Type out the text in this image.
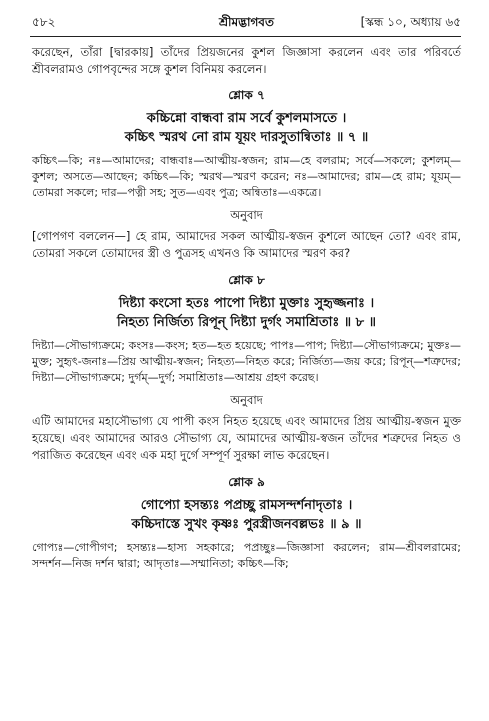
৫৮২	শ্রীমদ্ভাগবত	[স্কন্ধ ১০, অধ্যায় ৬৫

করেছেন, তাঁরা [দ্বারকায়] তাঁদের প্রিয়জনের কুশল জিজ্ঞাসা করলেন এবং তার পরিবর্তে শ্রীবলরামও গোপবৃন্দের সঙ্গে কুশল বিনিময় করলেন।

শ্লোক ৭

কচ্চিন্নো বান্ধবা রাম সর্বে কুশলমাসতে ।

কচ্চিৎ স্মরথ নো রাম যূয়ং দারসুতান্বিতাঃ ॥ ৭ ॥

কচ্চিৎ—কি; নঃ—আমাদের; বান্ধবাঃ—আত্মীয়-স্বজন; রাম—হে বলরাম; সর্বে—সকলে; কুশলম্—কুশল; অসতে—আছেন; কচ্চিৎ—কি; স্মরথ—স্মরণ করেন; নঃ—আমাদের; রাম—হে রাম; যূয়ম্—তোমরা সকলে; দার—পত্নী সহ; সুত—এবং পুত্র; অন্বিতাঃ—একত্রে।

অনুবাদ

[গোপগণ বললেন—] হে রাম, আমাদের সকল আত্মীয়-স্বজন কুশলে আছেন তো? এবং রাম, তোমরা সকলে তোমাদের স্ত্রী ও পুত্রসহ এখনও কি আমাদের স্মরণ কর?

শ্লোক ৮

দিষ্ট্যা কংসো হতঃ পাপো দিষ্ট্যা মুক্তাঃ সুহৃজ্জনাঃ ।

নিহত্য নির্জিত্য রিপূন্ দিষ্ট্যা দুর্গং সমাশ্রিতাঃ ॥ ৮ ॥

দিষ্ট্যা—সৌভাগ্যক্রমে; কংসঃ—কংস; হত—হত হয়েছে; পাপঃ—পাপ; দিষ্ট্যা—সৌভাগ্যক্রমে; মুক্তঃ—মুক্ত; সুহৃৎ-জনাঃ—প্রিয় আত্মীয়-স্বজন; নিহত্য—নিহত করে; নির্জিত্য—জয় করে; রিপূন্—শত্রুদের; দিষ্ট্যা—সৌভাগ্যক্রমে; দুর্গম্—দুর্গ; সমাশ্রিতাঃ—আশ্রয় গ্রহণ করেছ।

অনুবাদ

এটি আমাদের মহাসৌভাগ্য যে পাপী কংস নিহত হয়েছে এবং আমাদের প্রিয় আত্মীয়-স্বজন মুক্ত হয়েছে। এবং আমাদের আরও সৌভাগ্য যে, আমাদের আত্মীয়-স্বজন তাঁদের শত্রুদের নিহত ও পরাজিত করেছেন এবং এক মহা দুর্গে সম্পূর্ণ সুরক্ষা লাভ করেছেন।

শ্লোক ৯

গোপ্যো হসন্ত্যঃ পপ্রচ্ছু রামসন্দর্শনাদৃতাঃ ।

কচ্চিদাস্তে সুখং কৃষ্ণঃ পুরস্ত্রীজনবল্লভঃ ॥ ৯ ॥

গোপ্যঃ—গোপীগণ; হসন্ত্যঃ—হাস্য সহকারে; পপ্রচ্ছুঃ—জিজ্ঞাসা করলেন; রাম—শ্রীবলরামের; সন্দর্শন—নিজ দর্শন দ্বারা; আদৃতাঃ—সম্মানিতা; কচ্চিৎ—কি;
